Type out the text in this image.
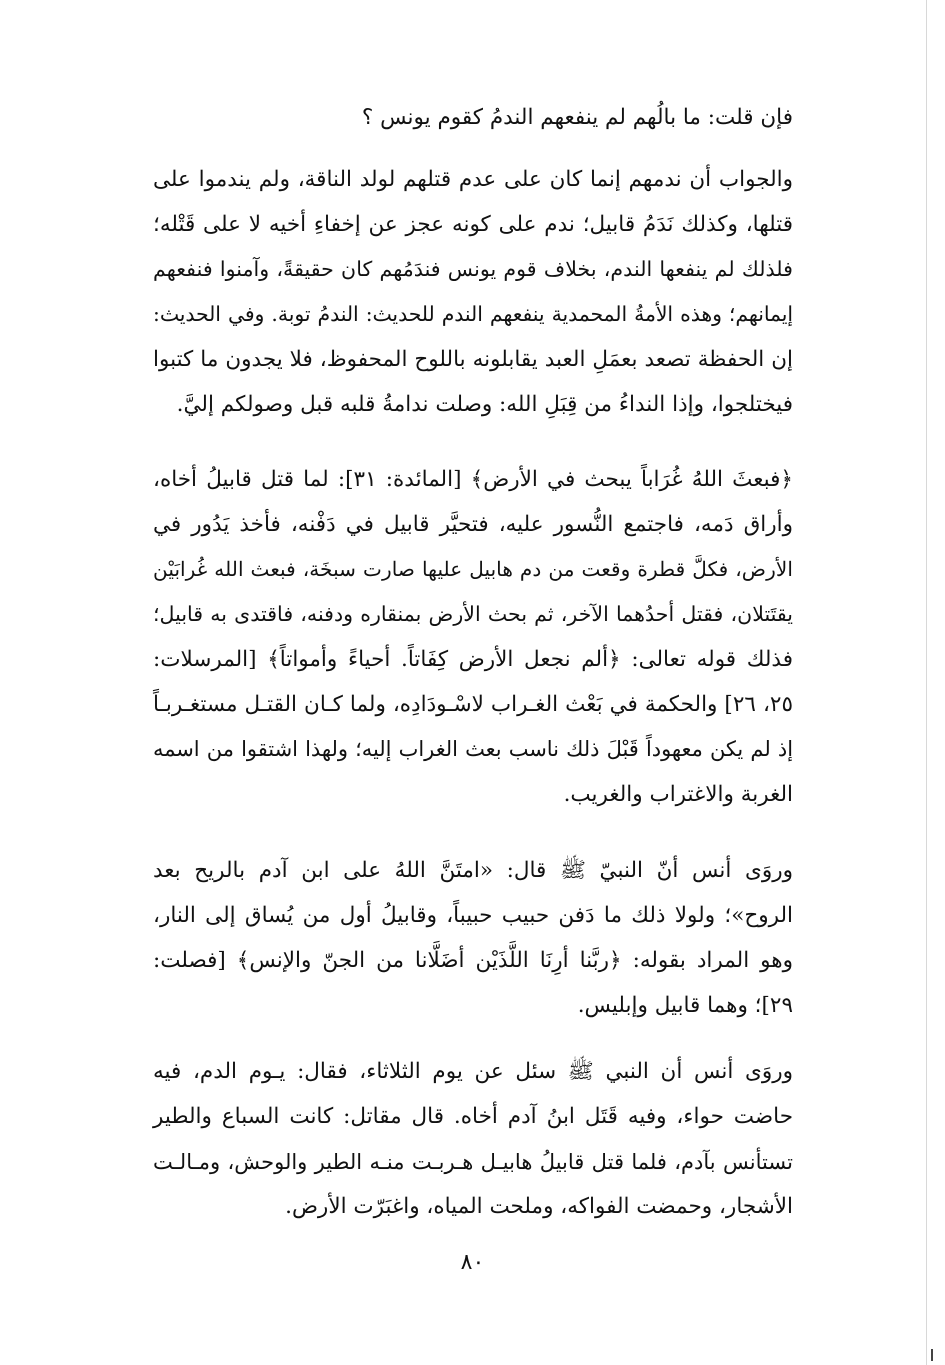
فإن قلت: ما بالُهم لم ينفعهم الندمُ كقوم يونس ؟
والجواب أن ندمهم إنما كان على عدم قتلهم لولد الناقة، ولم يندموا على
قتلها، وكذلك نَدَمُ قابيل؛ ندم على كونه عجز عن إخفاءِ أخيه لا على قَتْله؛
فلذلك لم ينفعها الندم، بخلاف قوم يونس فندَمُهم كان حقيقةً، وآمنوا فنفعهم
إيمانهم؛ وهذه الأمةُ المحمدية ينفعهم الندم للحديث: الندمُ توبة. وفي الحديث:
إن الحفظة تصعد بعمَلِ العبد يقابلونه باللوح المحفوظ، فلا يجدون ما كتبوا
فيختلجوا، وإذا النداءُ من قِبَلِ الله: وصلت ندامةُ قلبه قبل وصولكم إليَّ.
﴿فبعثَ اللهُ غُرَاباً يبحث في الأرض﴾ [المائدة: ٣١]: لما قتل قابيلُ أخاه،
وأراق دَمه، فاجتمع النُّسور عليه، فتحيَّر قابيل في دَفْنه، فأخذ يَدُور في
الأرض، فكلَّ قطرة وقعت من دم هابيل عليها صارت سبخَة، فبعث الله غُرابَيْن
يقتَتلان، فقتل أحدُهما الآخر، ثم بحث الأرض بمنقاره ودفنه، فاقتدى به قابيل؛
فذلك قوله تعالى: ﴿ألم نجعل الأرض كِفَاتاً. أحياءً وأمواتاً﴾ [المرسلات:
٢٥، ٢٦] والحكمة في بَعْث الغـراب لاسْـودَادِه، ولما كـان القتـل مستغـربـاً
إذ لم يكن معهوداً قَبْلَ ذلك ناسب بعث الغراب إليه؛ ولهذا اشتقوا من اسمه
الغربة والاغتراب والغريب.
وروَى أنس أنّ النبيّ ﷺ قال: «امتَنَّ اللهُ على ابن آدم بالريح بعد
الروح»؛ ولولا ذلك ما دَفن حبيب حبيباً، وقابيلُ أول من يُساق إلى النار،
وهو المراد بقوله: ﴿ربَّنا أرِنَا اللَّذَيْن أضَلَّانا من الجنّ والإنس﴾ [فصلت:
٢٩]؛ وهما قابيل وإبليس.
وروَى أنس أن النبي ﷺ سئل عن يوم الثلاثاء، فقال: يـوم الدم، فيه
حاضت حواء، وفيه قَتَل ابنُ آدم أخاه. قال مقاتل: كانت السباع والطير
تستأنس بآدم، فلما قتل قابيلُ هابيـل هـربـت منـه الطير والوحش، ومـالـت
الأشجار، وحمضت الفواكه، وملحت المياه، واغبَرّت الأرض.
٨٠
